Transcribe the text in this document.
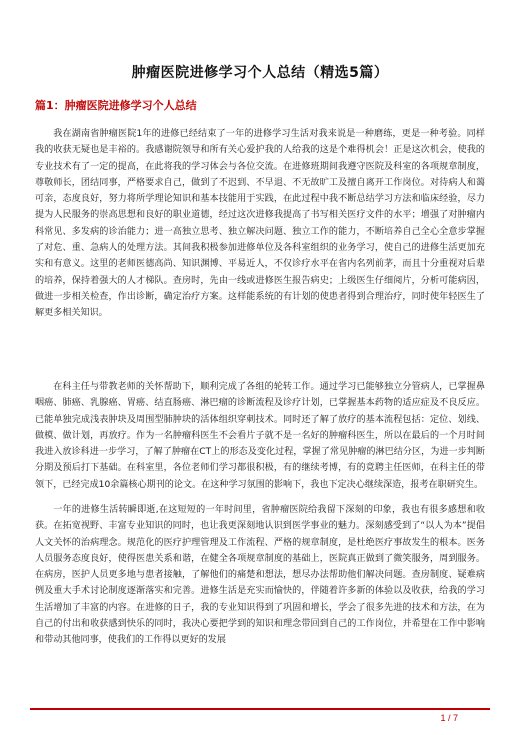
肿瘤医院进修学习个人总结（精选5篇）
篇1：肿瘤医院进修学习个人总结

我在湖南省肿瘤医院1年的进修已经结束了一年的进修学习生活对我来说是一种磨练，更是一种考验。同样我的收获无疑也是丰裕的。我感谢院领导和所有关心爱护我的人给我的这是个难得机会！正是这次机会，使我的专业技术有了一定的提高，在此将我的学习体会与各位交流。在进修班期间我遵守医院及科室的各项规章制度，尊敬师长，团结同事，严格要求自己，做到了不迟到、不早退、不无故旷工及擅自离开工作岗位。对待病人和蔼可亲，态度良好，努力将所学理论知识和基本技能用于实践，在此过程中我不断总结学习方法和临床经验，尽力提为人民服务的崇高思想和良好的职业道德，经过这次进修我提高了书写相关医疗文件的水平；增强了对肿瘤内科常见、多发病的诊治能力；进一高独立思考、独立解决问题、独立工作的能力，不断培养自己全心全意步掌握了对危、重、急病人的处理方法。其间我积极参加进修单位及各科室组织的业务学习，使自己的进修生活更加充实和有意义。这里的老师医德高尚、知识渊博、平易近人，不仅诊疗水平在省内名列前茅，而且十分重视对后辈的培养，保持着强大的人才梯队。查房时，先由一线或进修医生报告病史；上级医生仔细阅片，分析可能病因，做进一步相关检查，作出诊断，确定治疗方案。这样能系统的有计划的使患者得到合理治疗，同时使年轻医生了解更多相关知识。

在科主任与带教老师的关怀帮助下，顺利完成了各组的轮转工作。通过学习已能够独立分管病人，已掌握鼻咽癌、肺癌、乳腺癌、胃癌、结直肠癌、淋巴瘤的诊断流程及诊疗计划，已掌握基本药物的适应症及不良反应。已能单独完成浅表肿块及周围型肺肿块的活体组织穿刺技术。同时还了解了放疗的基本流程包括：定位、划线、做模、做计划，再放疗。作为一名肿瘤科医生不会看片子就不是一名好的肿瘤科医生，所以在最后的一个月时间我进入放诊科进一步学习，了解了肿瘤在CT上的形态及变化过程，掌握了常见肿瘤的淋巴结分区，为进一步判断分期及预后打下基础。在科室里，各位老师们学习都很积极，有的继续考博，有的竟聘主任医师，在科主任的带领下，已经完成10余篇核心期刊的论文。在这种学习氛围的影响下，我也下定决心继续深造，报考在职研究生。

一年的进修生活转瞬即逝,在这短短的一年时间里，省肿瘤医院给我留下深刻的印象，我也有很多感想和收获。在拓宽视野、丰富专业知识的同时，也让我更深刻地认识到医学事业的魅力。深刻感受到了“以人为本”提倡人文关怀的治病理念。规范化的医疗护理管理及工作流程、严格的规章制度，是杜绝医疗事故发生的根本。医务人员服务态度良好，使得医患关系和谐，在健全各项规章制度的基础上，医院真正做到了微笑服务，周到服务。在病房，医护人员更多地与患者接触，了解他们的痛楚和想法，想尽办法帮助他们解决问题。查房制度、疑难病例及重大手术讨论制度逐渐落实和完善。进修生活是充实而愉快的，伴随着许多新的体验以及收获，给我的学习生活增加了丰富的内容。在进修的日子，我的专业知识得到了巩固和增长，学会了很多先进的技术和方法，在为自己的付出和收获感到快乐的同时，我决心要把学到的知识和理念带回到自己的工作岗位，并希望在工作中影响和带动其他同事，使我们的工作得以更好的发展

1 / 7
